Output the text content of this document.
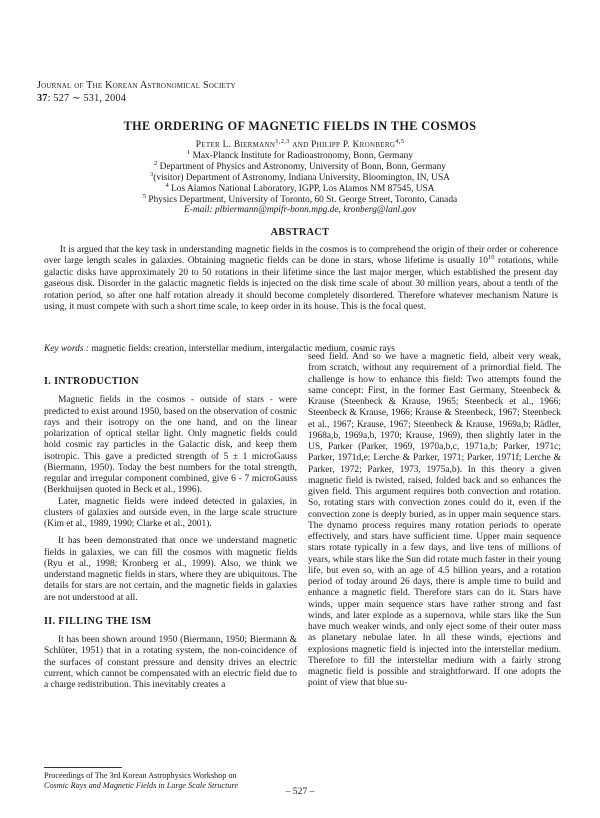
Journal of The Korean Astronomical Society
37: 527 ∼ 531, 2004
THE ORDERING OF MAGNETIC FIELDS IN THE COSMOS
Peter L. Biermann$^{1,2,3}$ and Philipp P. Kronberg$^{4,5}$
$^1$ Max-Planck Institute for Radioastronomy, Bonn, Germany
$^2$ Department of Physics and Astronomy, University of Bonn, Bonn, Germany
$^3$(visitor) Department of Astronomy, Indiana University, Bloomington, IN, USA
$^4$ Los Alamos National Laboratory, IGPP, Los Alamos NM 87545, USA
$^5$ Physics Department, University of Toronto, 60 St. George Street, Toronto, Canada
E-mail: plbiermann@mpifr-bonn.mpg.de, kronberg@lanl.gov
ABSTRACT

It is argued that the key task in understanding magnetic fields in the cosmos is to comprehend the origin of their order or coherence over large length scales in galaxies. Obtaining magnetic fields can be done in stars, whose lifetime is usually $10^{10}$ rotations, while galactic disks have approximately 20 to 50 rotations in their lifetime since the last major merger, which established the present day gaseous disk. Disorder in the galactic magnetic fields is injected on the disk time scale of about 30 million years, about a tenth of the rotation period, so after one half rotation already it should become completely disordered. Therefore whatever mechanism Nature is using, it must compete with such a short time scale, to keep order in its house. This is the focal quest.

Key words : magnetic fields: creation, interstellar medium, intergalactic medium, cosmic rays
I. INTRODUCTION

Magnetic fields in the cosmos - outside of stars - were predicted to exist around 1950, based on the observation of cosmic rays and their isotropy on the one hand, and on the linear polarization of optical stellar light. Only magnetic fields could hold cosmic ray particles in the Galactic disk, and keep them isotropic. This gave a predicted strength of 5 ± 1 microGauss (Biermann, 1950). Today the best numbers for the total strength, regular and irregular component combined, give 6 - 7 microGauss (Berkhuijsen quoted in Beck et al., 1996).

Later, magnetic fields were indeed detected in galaxies, in clusters of galaxies and outside even, in the large scale structure (Kim et al., 1989, 1990; Clarke et al., 2001).

It has been demonstrated that once we understand magnetic fields in galaxies, we can fill the cosmos with magnetic fields (Ryu et al., 1998; Kronberg et al., 1999). Also, we think we understand magnetic fields in stars, where they are ubiquitous. The details for stars are not certain, and the magnetic fields in galaxies are not understood at all.

II. FILLING THE ISM

It has been shown around 1950 (Biermann, 1950; Biermann & Schlüter, 1951) that in a rotating system, the non-coincidence of the surfaces of constant pressure and density drives an electric current, which cannot be compensated with an electric field due to a charge redistribution. This inevitably creates a

seed field. And so we have a magnetic field, albeit very weak, from scratch, without any requirement of a primordial field. The challenge is how to enhance this field: Two attempts found the same concept: First, in the former East Germany, Steenbeck & Krause (Steenbeck & Krause, 1965; Steenbeck et al., 1966; Steenbeck & Krause, 1966; Krause & Steenbeck, 1967; Steenbeck et al., 1967; Krause, 1967; Steenbeck & Krause, 1969a,b; Rädler, 1968a,b, 1969a,b, 1970; Krause, 1969), then slightly later in the US, Parker (Parker, 1969, 1970a,b,c, 1971a,b; Parker, 1971c; Parker, 1971d,e; Lerche & Parker, 1971; Parker, 1971f; Lerche & Parker, 1972; Parker, 1973, 1975a,b). In this theory a given magnetic field is twisted, raised, folded back and so enhances the given field. This argument requires both convection and rotation. So, rotating stars with convection zones could do it, even if the convection zone is deeply buried, as in upper main sequence stars. The dynamo process requires many rotation periods to operate effectively, and stars have sufficient time. Upper main sequence stars rotate typically in a few days, and live tens of millions of years, while stars like the Sun did rotate much faster in their young life, but even so, with an age of 4.5 billion years, and a rotation period of today around 26 days, there is ample time to build and enhance a magnetic field. Therefore stars can do it. Stars have winds, upper main sequence stars have rather strong and fast winds, and later explode as a supernova, while stars like the Sun have much weaker winds, and only eject some of their outer mass as planetary nebulae later. In all these winds, ejections and explosions magnetic field is injected into the interstellar medium. Therefore to fill the interstellar medium with a fairly strong magnetic field is possible and straightforward. If one adopts the point of view that blue su-

Proceedings of The 3rd Korean Astrophysics Workshop on
Cosmic Rays and Magnetic Fields in Large Scale Structure
– 527 –
